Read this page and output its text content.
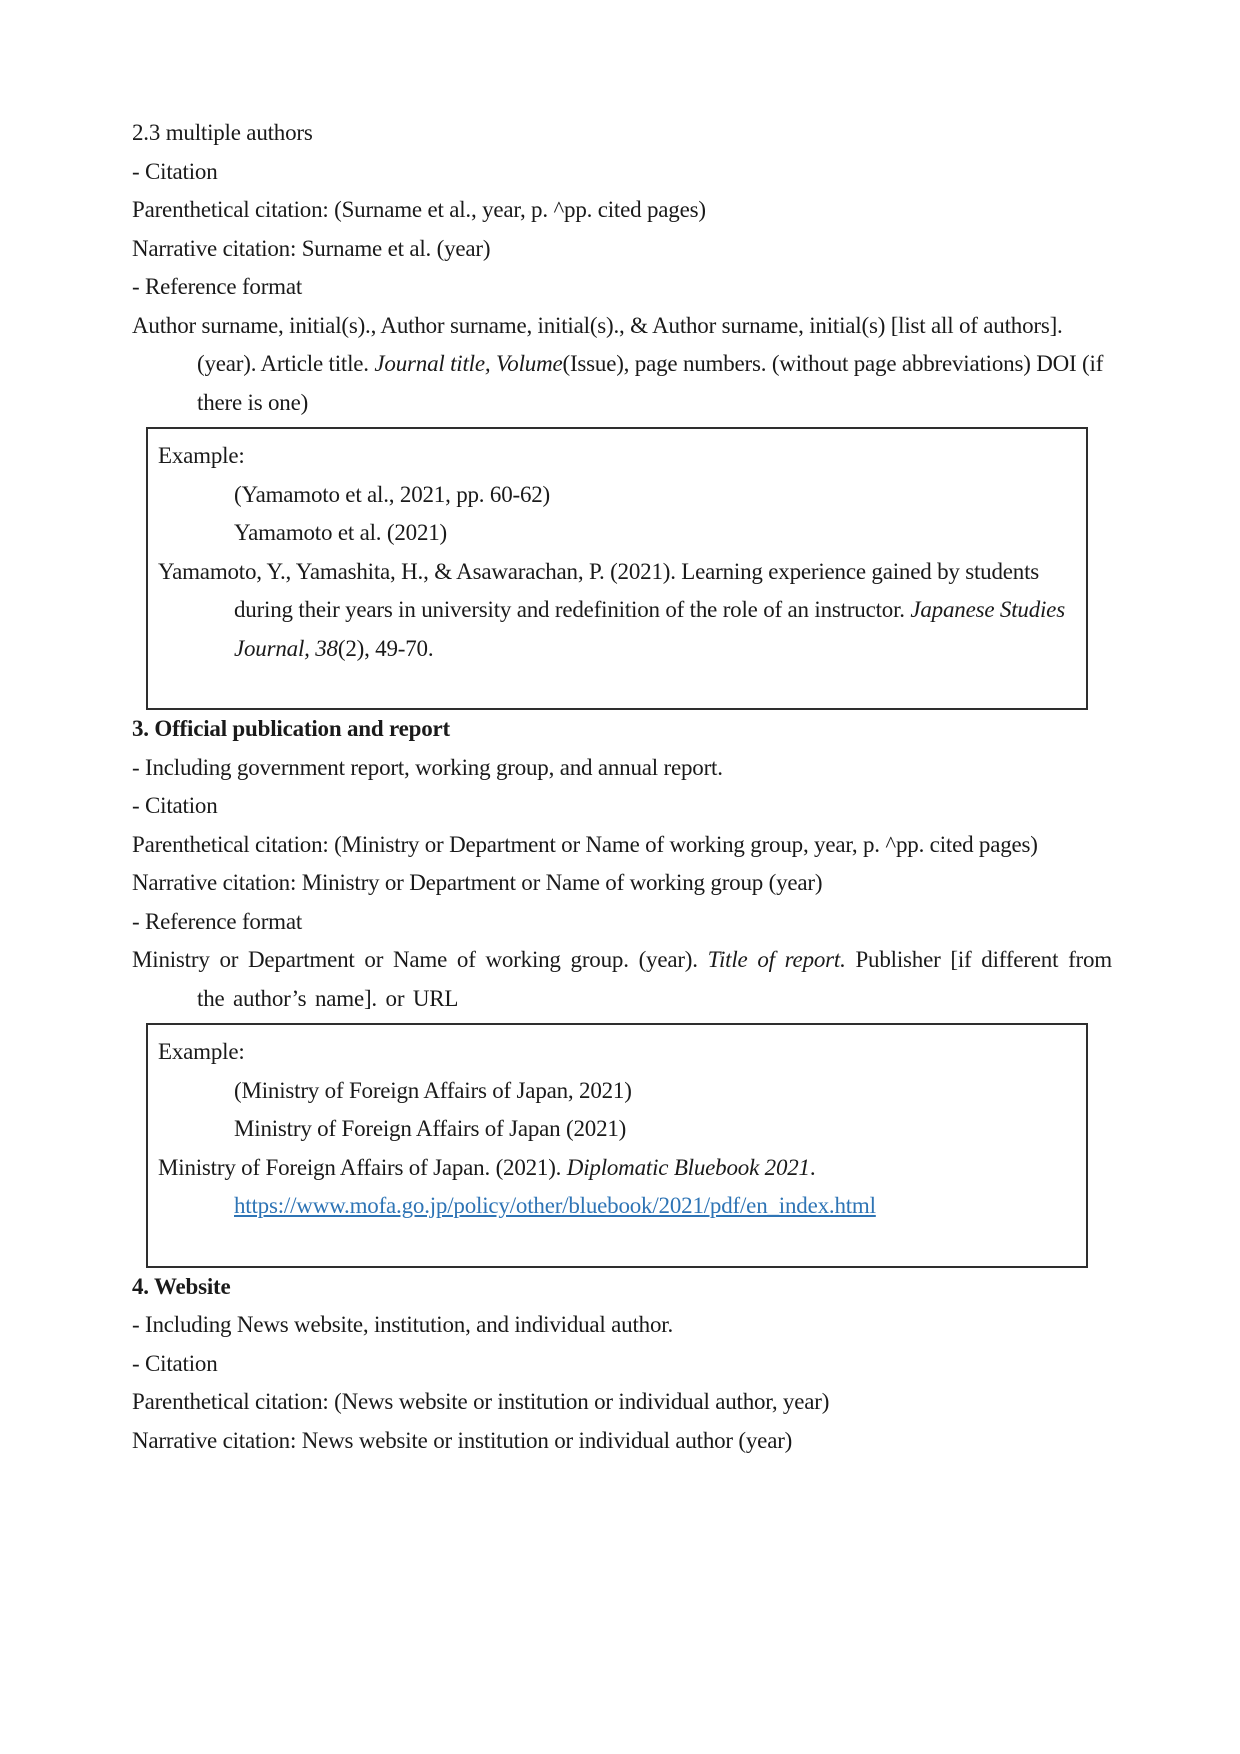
2.3 multiple authors

- Citation

Parenthetical citation: (Surname et al., year, p. ^pp. cited pages)

Narrative citation: Surname et al. (year)

- Reference format

Author surname, initial(s)., Author surname, initial(s)., & Author surname, initial(s) [list all of authors]. (year). Article title. Journal title, Volume(Issue), page numbers. (without page abbreviations) DOI (if there is one)

Example:

(Yamamoto et al., 2021, pp. 60-62)

Yamamoto et al. (2021)

Yamamoto, Y., Yamashita, H., & Asawarachan, P. (2021). Learning experience gained by students during their years in university and redefinition of the role of an instructor. Japanese Studies Journal, 38(2), 49-70.

3. Official publication and report

- Including government report, working group, and annual report.

- Citation

Parenthetical citation: (Ministry or Department or Name of working group, year, p. ^pp. cited pages)

Narrative citation: Ministry or Department or Name of working group (year)

- Reference format

Ministry or Department or Name of working group. (year). Title of report. Publisher [if different from the author’s name]. or URL

Example:

(Ministry of Foreign Affairs of Japan, 2021)

Ministry of Foreign Affairs of Japan (2021)

Ministry of Foreign Affairs of Japan. (2021). Diplomatic Bluebook 2021. https://www.mofa.go.jp/policy/other/bluebook/2021/pdf/en_index.html

4. Website

- Including News website, institution, and individual author.

- Citation

Parenthetical citation: (News website or institution or individual author, year)

Narrative citation: News website or institution or individual author (year)
